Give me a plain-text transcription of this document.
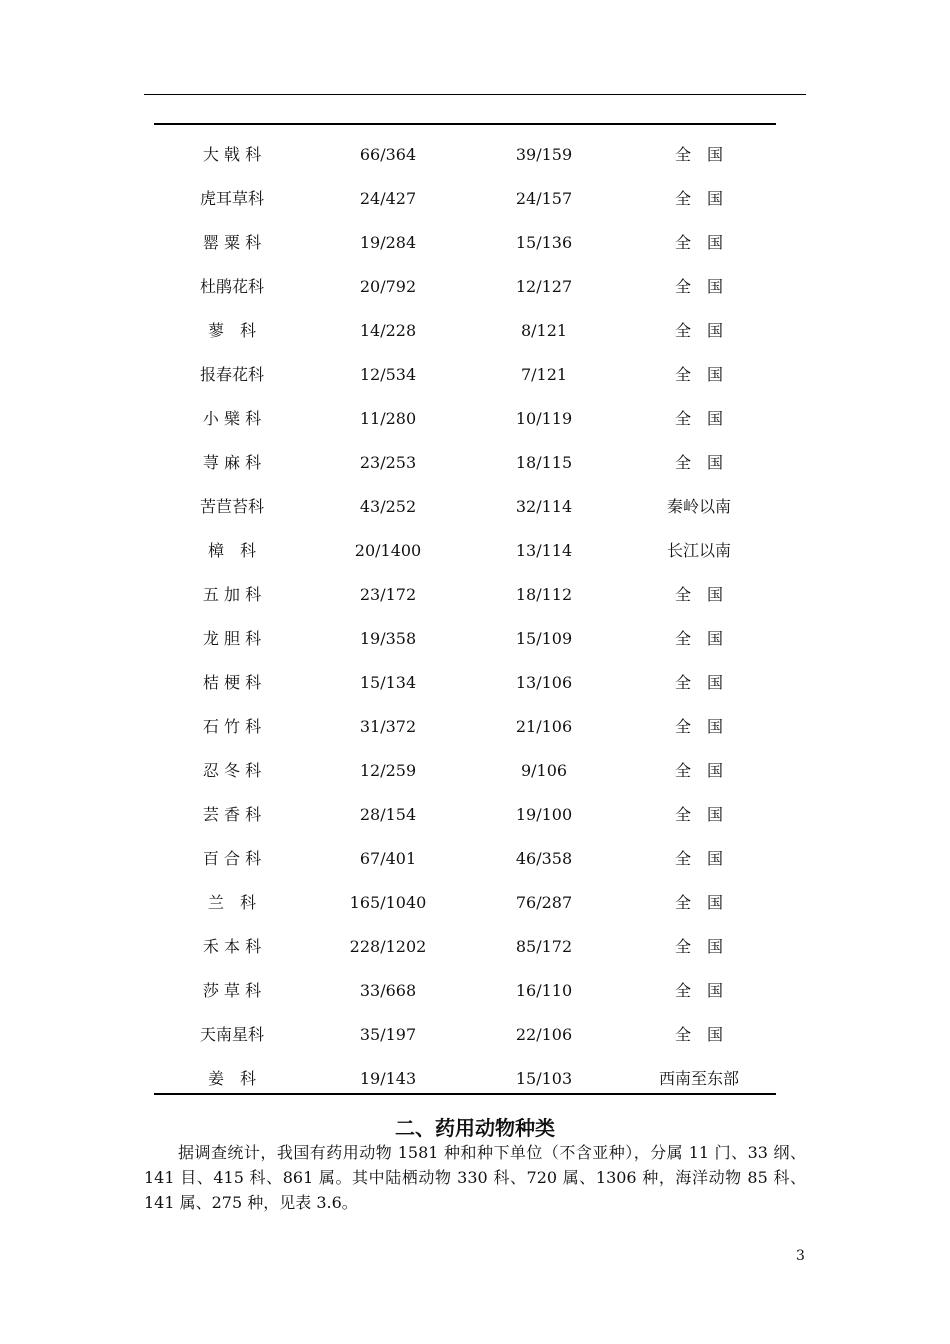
大 戟 科	66/364	39/159	全　国
虎耳草科	24/427	24/157	全　国
罂 粟 科	19/284	15/136	全　国
杜鹃花科	20/792	12/127	全　国
蓼　科	14/228	8/121	全　国
报春花科	12/534	7/121	全　国
小 檗 科	11/280	10/119	全　国
荨 麻 科	23/253	18/115	全　国
苦苣苔科	43/252	32/114	秦岭以南
樟　科	20/1400	13/114	长江以南
五 加 科	23/172	18/112	全　国
龙 胆 科	19/358	15/109	全　国
桔 梗 科	15/134	13/106	全　国
石 竹 科	31/372	21/106	全　国
忍 冬 科	12/259	9/106	全　国
芸 香 科	28/154	19/100	全　国
百 合 科	67/401	46/358	全　国
兰　科	165/1040	76/287	全　国
禾 本 科	228/1202	85/172	全　国
莎 草 科	33/668	16/110	全　国
天南星科	35/197	22/106	全　国
姜　科	19/143	15/103	西南至东部
二、药用动物种类
据调查统计，我国有药用动物 1581 种和种下单位（不含亚种），分属 11 门、33 纲、141 目、415 科、861 属。其中陆栖动物 330 科、720 属、1306 种，海洋动物 85 科、141 属、275 种，见表 3.6。
3
